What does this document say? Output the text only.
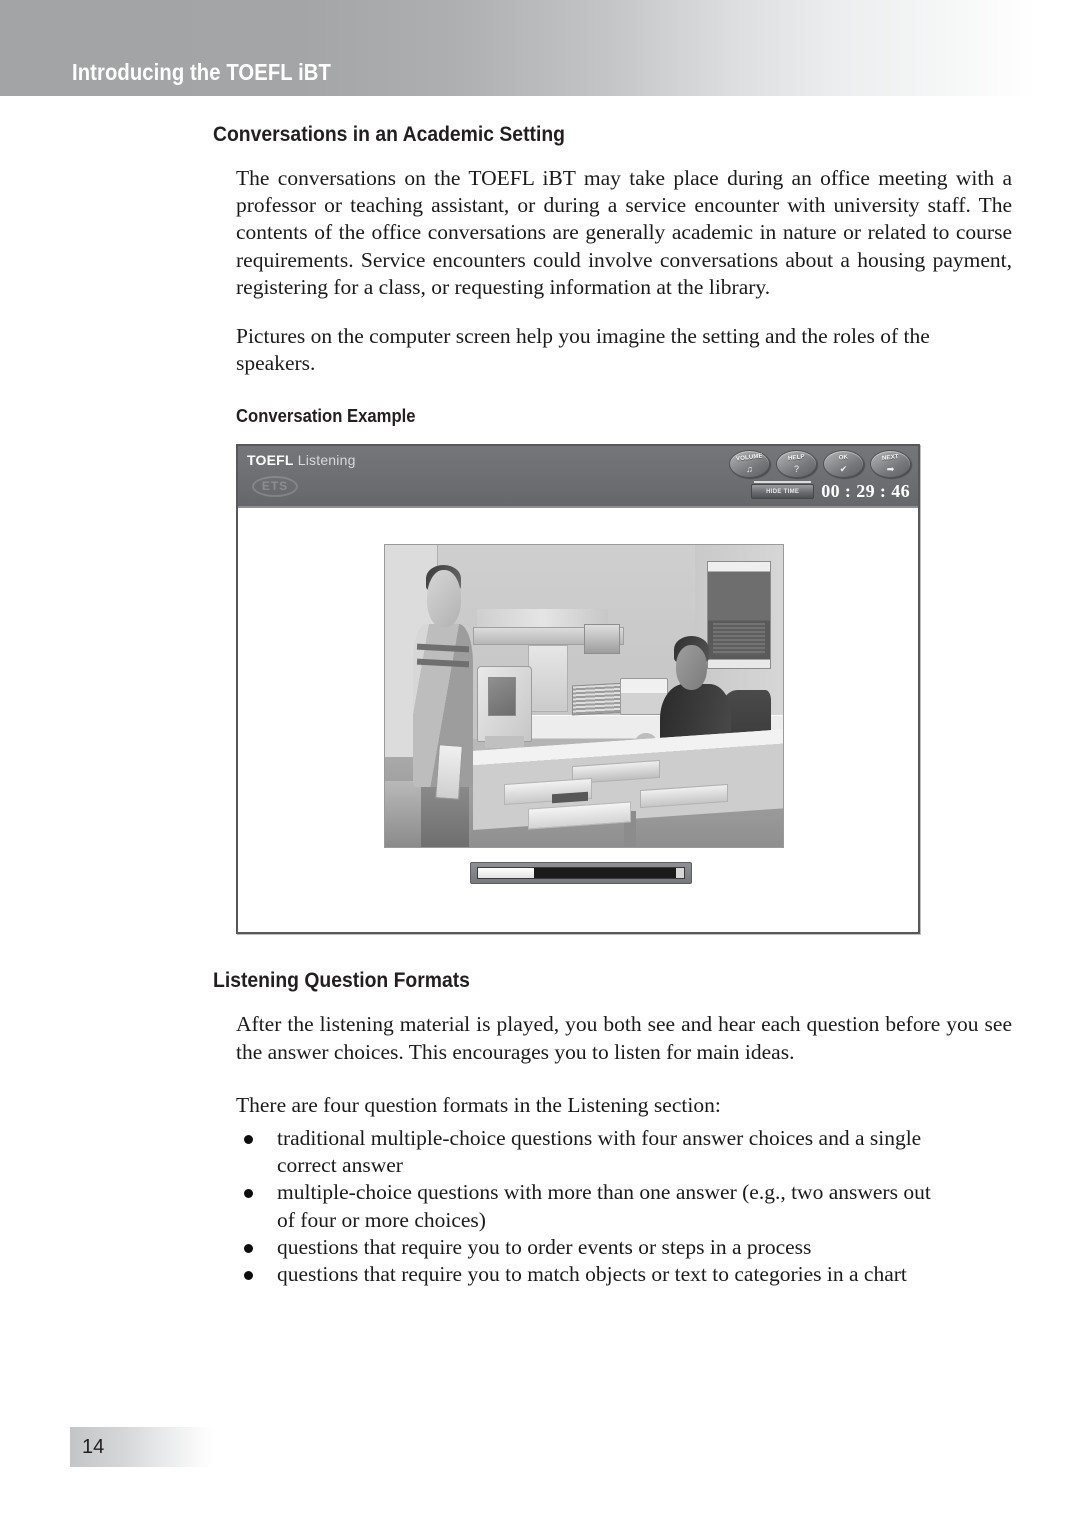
Introducing the TOEFL iBT
Conversations in an Academic Setting

The conversations on the TOEFL iBT may take place during an office meeting with a professor or teaching assistant, or during a service encounter with university staff. The contents of the office conversations are generally academic in nature or related to course requirements. Service encounters could involve conversations about a housing payment, registering for a class, or requesting information at the library.

Pictures on the computer screen help you imagine the setting and the roles of the speakers.

Conversation Example
TOEFL Listening
ETS
VOLUME
♫
HELP
?
OK
✔
NEXT
➡
HIDE TIME	00 : 29 : 46
Listening Question Formats

After the listening material is played, you both see and hear each question before you see the answer choices. This encourages you to listen for main ideas.

There are four question formats in the Listening section:

traditional multiple-choice questions with four answer choices and a single correct answer
multiple-choice questions with more than one answer (e.g., two answers out of four or more choices)
questions that require you to order events or steps in a process
questions that require you to match objects or text to categories in a chart
14
